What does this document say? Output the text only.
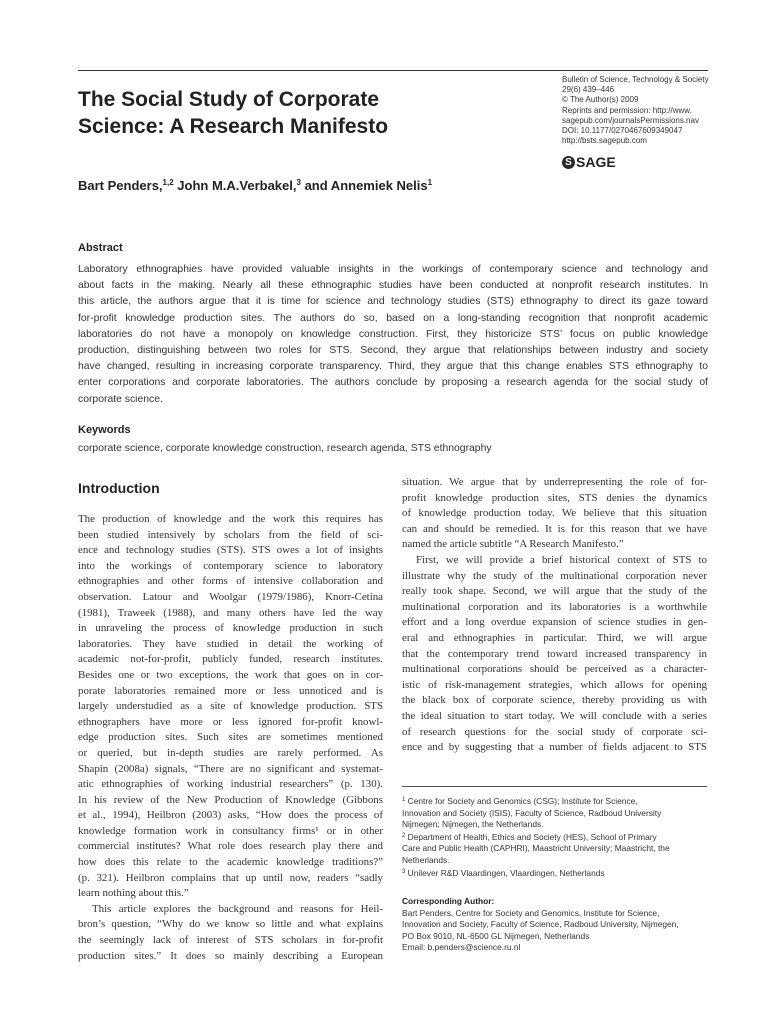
The Social Study of Corporate
Science: A Research Manifesto
Bulletin of Science, Technology & Society
29(6) 439–446
© The Author(s) 2009
Reprints and permission: http://www.
sagepub.com/journalsPermissions.nav
DOI: 10.1177/0270467609349047
http://bsts.sagepub.com
S SAGE
Bart Penders,$^{1,2}$ John M.A.Verbakel,$^3$ and Annemiek Nelis$^1$
Abstract
Laboratory ethnographies have provided valuable insights in the workings of contemporary science and technology and
about facts in the making. Nearly all these ethnographic studies have been conducted at nonprofit research institutes. In
this article, the authors argue that it is time for science and technology studies (STS) ethnography to direct its gaze toward
for-profit knowledge production sites. The authors do so, based on a long-standing recognition that nonprofit academic
laboratories do not have a monopoly on knowledge construction. First, they historicize STS’ focus on public knowledge
production, distinguishing between two roles for STS. Second, they argue that relationships between industry and society
have changed, resulting in increasing corporate transparency. Third, they argue that this change enables STS ethnography to
enter corporations and corporate laboratories. The authors conclude by proposing a research agenda for the social study of
corporate science.
Keywords
corporate science, corporate knowledge construction, research agenda, STS ethnography
Introduction
The production of knowledge and the work this requires has
been studied intensively by scholars from the field of sci-
ence and technology studies (STS). STS owes a lot of insights
into the workings of contemporary science to laboratory
ethnographies and other forms of intensive collaboration and
observation. Latour and Woolgar (1979/1986), Knorr-Cetina
(1981), Traweek (1988), and many others have led the way
in unraveling the process of knowledge production in such
laboratories. They have studied in detail the working of
academic not-for-profit, publicly funded, research institutes.
Besides one or two exceptions, the work that goes on in cor-
porate laboratories remained more or less unnoticed and is
largely understudied as a site of knowledge production. STS
ethnographers have more or less ignored for-profit knowl-
edge production sites. Such sites are sometimes mentioned
or queried, but in-depth studies are rarely performed. As
Shapin (2008a) signals, “There are no significant and systemat-
atic ethnographies of working industrial researchers” (p. 130).
In his review of the New Production of Knowledge (Gibbons
et al., 1994), Heilbron (2003) asks, “How does the process of
knowledge formation work in consultancy firms¹ or in other
commercial institutes? What role does research play there and
how does this relate to the academic knowledge traditions?”
(p. 321). Heilbron complains that up until now, readers “sadly
learn nothing about this.”
This article explores the background and reasons for Heil-
bron’s question, “Why do we know so little and what explains
the seemingly lack of interest of STS scholars in for-profit
production sites.” It does so mainly describing a European
situation. We argue that by underrepresenting the role of for-
profit knowledge production sites, STS denies the dynamics
of knowledge production today. We believe that this situation
can and should be remedied. It is for this reason that we have
named the article subtitle “A Research Manifesto.”
First, we will provide a brief historical context of STS to
illustrate why the study of the multinational corporation never
really took shape. Second, we will argue that the study of the
multinational corporation and its laboratories is a worthwhile
effort and a long overdue expansion of science studies in gen-
eral and ethnographies in particular. Third, we will argue
that the contemporary trend toward increased transparency in
multinational corporations should be perceived as a character-
istic of risk-management strategies, which allows for opening
the black box of corporate science, thereby providing us with
the ideal situation to start today. We will conclude with a series
of research questions for the social study of corporate sci-
ence and by suggesting that a number of fields adjacent to STS
$^1$ Centre for Society and Genomics (CSG); Institute for Science,
Innovation and Society (ISIS), Faculty of Science, Radboud University
Nijmegen; Nijmegen, the Netherlands.
$^2$ Department of Health, Ethics and Society (HES), School of Primary
Care and Public Health (CAPHRI), Maastricht University; Maastricht, the
Netherlands.
$^3$ Unilever R&D Vlaardingen, Vlaardingen, Netherlands
Corresponding Author:
Bart Penders, Centre for Society and Genomics, Institute for Science,
Innovation and Society, Faculty of Science, Radboud University, Nijmegen,
PO Box 9010, NL-6500 GL Nijmegen, Netherlands
Email: b.penders@science.ru.nl
